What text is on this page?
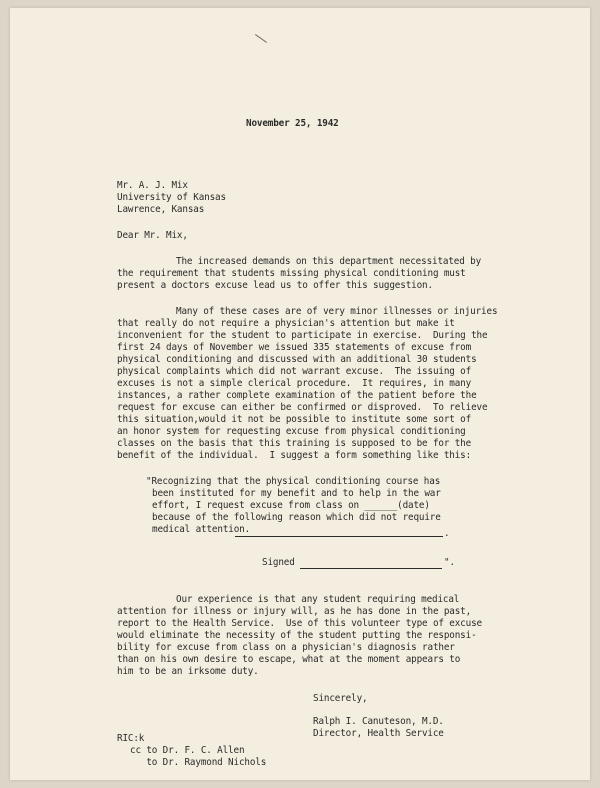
November 25, 1942
Mr. A. J. Mix
University of Kansas
Lawrence, Kansas
Dear Mr. Mix,
The increased demands on this department necessitated by
the requirement that students missing physical conditioning must
present a doctors excuse lead us to offer this suggestion.
Many of these cases are of very minor illnesses or injuries
that really do not require a physician's attention but make it
inconvenient for the student to participate in exercise.  During the
first 24 days of November we issued 335 statements of excuse from
physical conditioning and discussed with an additional 30 students
physical complaints which did not warrant excuse.  The issuing of
excuses is not a simple clerical procedure.  It requires, in many
instances, a rather complete examination of the patient before the
request for excuse can either be confirmed or disproved.  To relieve
this situation,would it not be possible to institute some sort of
an honor system for requesting excuse from physical conditioning
classes on the basis that this training is supposed to be for the
benefit of the individual.  I suggest a form something like this:
"Recognizing that the physical conditioning course has
been instituted for my benefit and to help in the war
effort, I request excuse from class on ______(date)
because of the following reason which did not require
medical attention.	.
Signed	".
Our experience is that any student requiring medical
attention for illness or injury will, as he has done in the past,
report to the Health Service.  Use of this volunteer type of excuse
would eliminate the necessity of the student putting the responsi-
bility for excuse from class on a physician's diagnosis rather
than on his own desire to escape, what at the moment appears to
him to be an irksome duty.
Sincerely,
Ralph I. Canuteson, M.D.
Director, Health Service
RIC:k
cc to Dr. F. C. Allen
to Dr. Raymond Nichols
